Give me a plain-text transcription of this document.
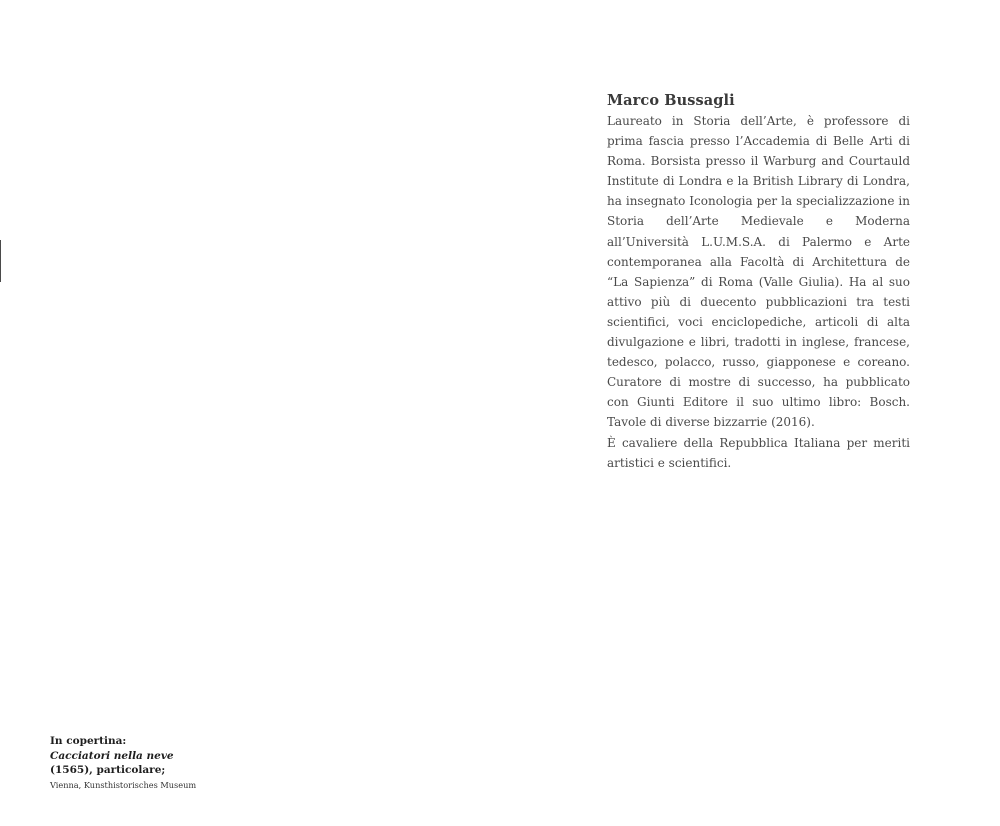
Marco Bussagli

Laureato in Storia dell’Arte, è professore di prima fascia presso l’Accademia di Belle Arti di Roma. Borsista presso il Warburg and Courtauld Institute di Londra e la British Library di Londra, ha insegnato Iconologia per la specializzazione in Storia dell’Arte Medievale e Moderna all’Università L.U.M.S.A. di Palermo e Arte contemporanea alla Facoltà di Architettura de “La Sapienza” di Roma (Valle Giulia). Ha al suo attivo più di duecento pubblicazioni tra testi scientifici, voci enciclopediche, articoli di alta divulgazione e libri, tradotti in inglese, francese, tedesco, polacco, russo, giapponese e coreano. Curatore di mostre di successo, ha pubblicato con Giunti Editore il suo ultimo libro: Bosch. Tavole di diverse bizzarrie (2016).

È cavaliere della Repubblica Italiana per meriti artistici e scientifici.

In copertina:
Cacciatori nella neve
(1565), particolare;
Vienna, Kunsthistorisches Museum
